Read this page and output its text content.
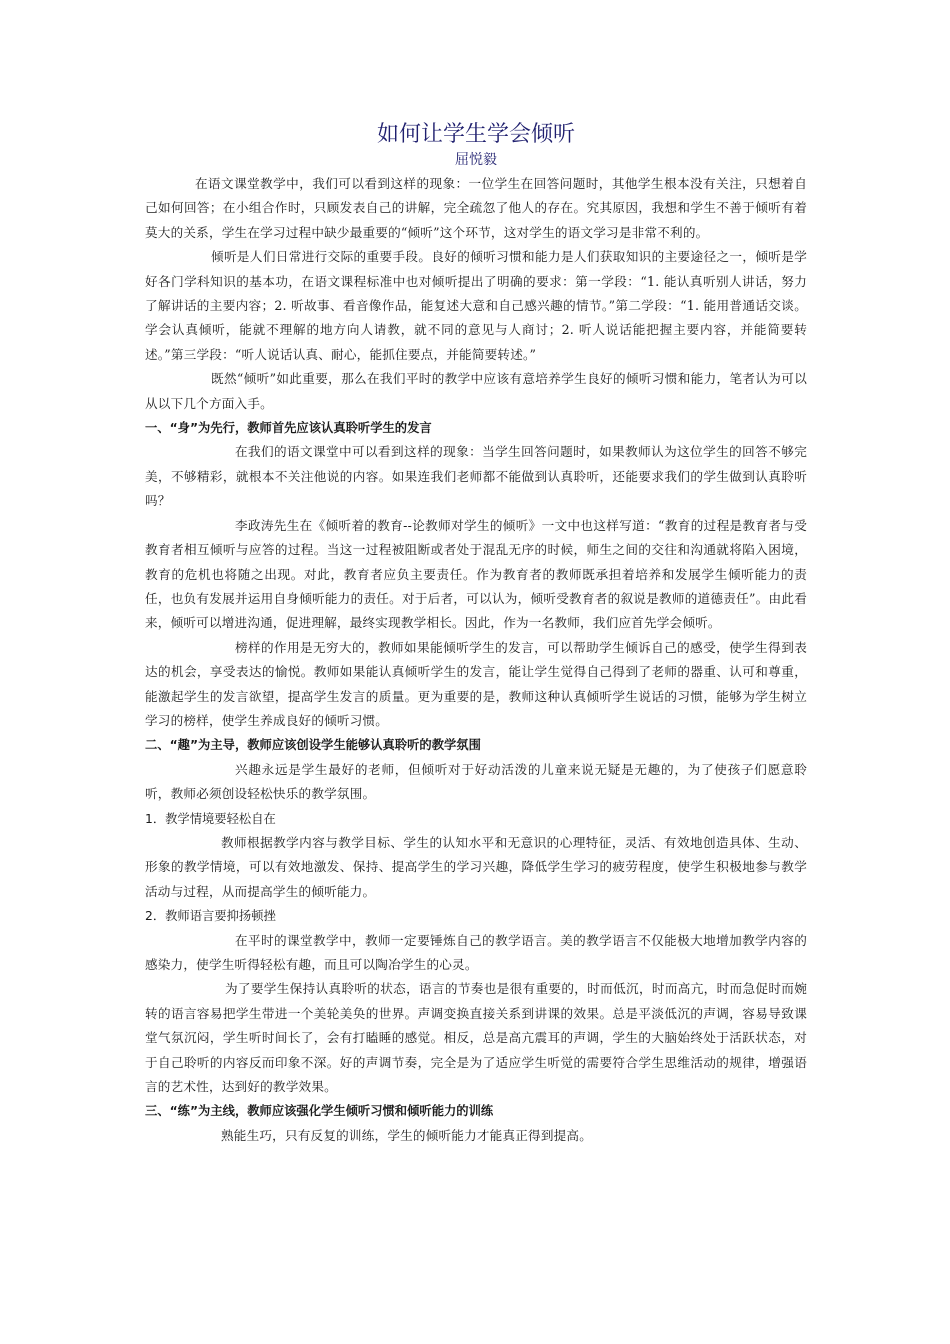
如何让学生学会倾听
屈悦毅

在语文课堂教学中，我们可以看到这样的现象：一位学生在回答问题时，其他学生根本没有关注，只想着自己如何回答；在小组合作时，只顾发表自己的讲解，完全疏忽了他人的存在。究其原因，我想和学生不善于倾听有着莫大的关系，学生在学习过程中缺少最重要的“倾听”这个环节，这对学生的语文学习是非常不利的。

倾听是人们日常进行交际的重要手段。良好的倾听习惯和能力是人们获取知识的主要途径之一，倾听是学好各门学科知识的基本功，在语文课程标准中也对倾听提出了明确的要求：第一学段：“1. 能认真听别人讲话，努力了解讲话的主要内容；2. 听故事、看音像作品，能复述大意和自己感兴趣的情节。”第二学段：“1. 能用普通话交谈。学会认真倾听，能就不理解的地方向人请教，就不同的意见与人商讨；2. 听人说话能把握主要内容，并能简要转述。”第三学段：“听人说话认真、耐心，能抓住要点，并能简要转述。”

既然“倾听”如此重要，那么在我们平时的教学中应该有意培养学生良好的倾听习惯和能力，笔者认为可以从以下几个方面入手。

一、“身”为先行，教师首先应该认真聆听学生的发言

在我们的语文课堂中可以看到这样的现象：当学生回答问题时，如果教师认为这位学生的回答不够完美，不够精彩，就根本不关注他说的内容。如果连我们老师都不能做到认真聆听，还能要求我们的学生做到认真聆听吗？

李政涛先生在《倾听着的教育--论教师对学生的倾听》一文中也这样写道：“教育的过程是教育者与受教育者相互倾听与应答的过程。当这一过程被阻断或者处于混乱无序的时候，师生之间的交往和沟通就将陷入困境，教育的危机也将随之出现。对此，教育者应负主要责任。作为教育者的教师既承担着培养和发展学生倾听能力的责任，也负有发展并运用自身倾听能力的责任。对于后者，可以认为，倾听受教育者的叙说是教师的道德责任”。由此看来，倾听可以增进沟通，促进理解，最终实现教学相长。因此，作为一名教师，我们应首先学会倾听。

榜样的作用是无穷大的，教师如果能倾听学生的发言，可以帮助学生倾诉自己的感受，使学生得到表达的机会，享受表达的愉悦。教师如果能认真倾听学生的发言，能让学生觉得自己得到了老师的器重、认可和尊重，能激起学生的发言欲望，提高学生发言的质量。更为重要的是，教师这种认真倾听学生说话的习惯，能够为学生树立学习的榜样，使学生养成良好的倾听习惯。

二、“趣”为主导，教师应该创设学生能够认真聆听的教学氛围

兴趣永远是学生最好的老师，但倾听对于好动活泼的儿童来说无疑是无趣的，为了使孩子们愿意聆听，教师必须创设轻松快乐的教学氛围。

1．教学情境要轻松自在

教师根据教学内容与教学目标、学生的认知水平和无意识的心理特征，灵活、有效地创造具体、生动、形象的教学情境，可以有效地激发、保持、提高学生的学习兴趣，降低学生学习的疲劳程度，使学生积极地参与教学活动与过程，从而提高学生的倾听能力。

2．教师语言要抑扬顿挫

在平时的课堂教学中，教师一定要锤炼自己的教学语言。美的教学语言不仅能极大地增加教学内容的感染力，使学生听得轻松有趣，而且可以陶冶学生的心灵。

为了要学生保持认真聆听的状态，语言的节奏也是很有重要的，时而低沉，时而高亢，时而急促时而婉转的语言容易把学生带进一个美轮美奂的世界。声调变换直接关系到讲课的效果。总是平淡低沉的声调，容易导致课堂气氛沉闷，学生听时间长了，会有打瞌睡的感觉。相反，总是高亢震耳的声调，学生的大脑始终处于活跃状态，对于自己聆听的内容反而印象不深。好的声调节奏，完全是为了适应学生听觉的需要符合学生思维活动的规律，增强语言的艺术性，达到好的教学效果。

三、“练”为主线，教师应该强化学生倾听习惯和倾听能力的训练

熟能生巧，只有反复的训练，学生的倾听能力才能真正得到提高。
